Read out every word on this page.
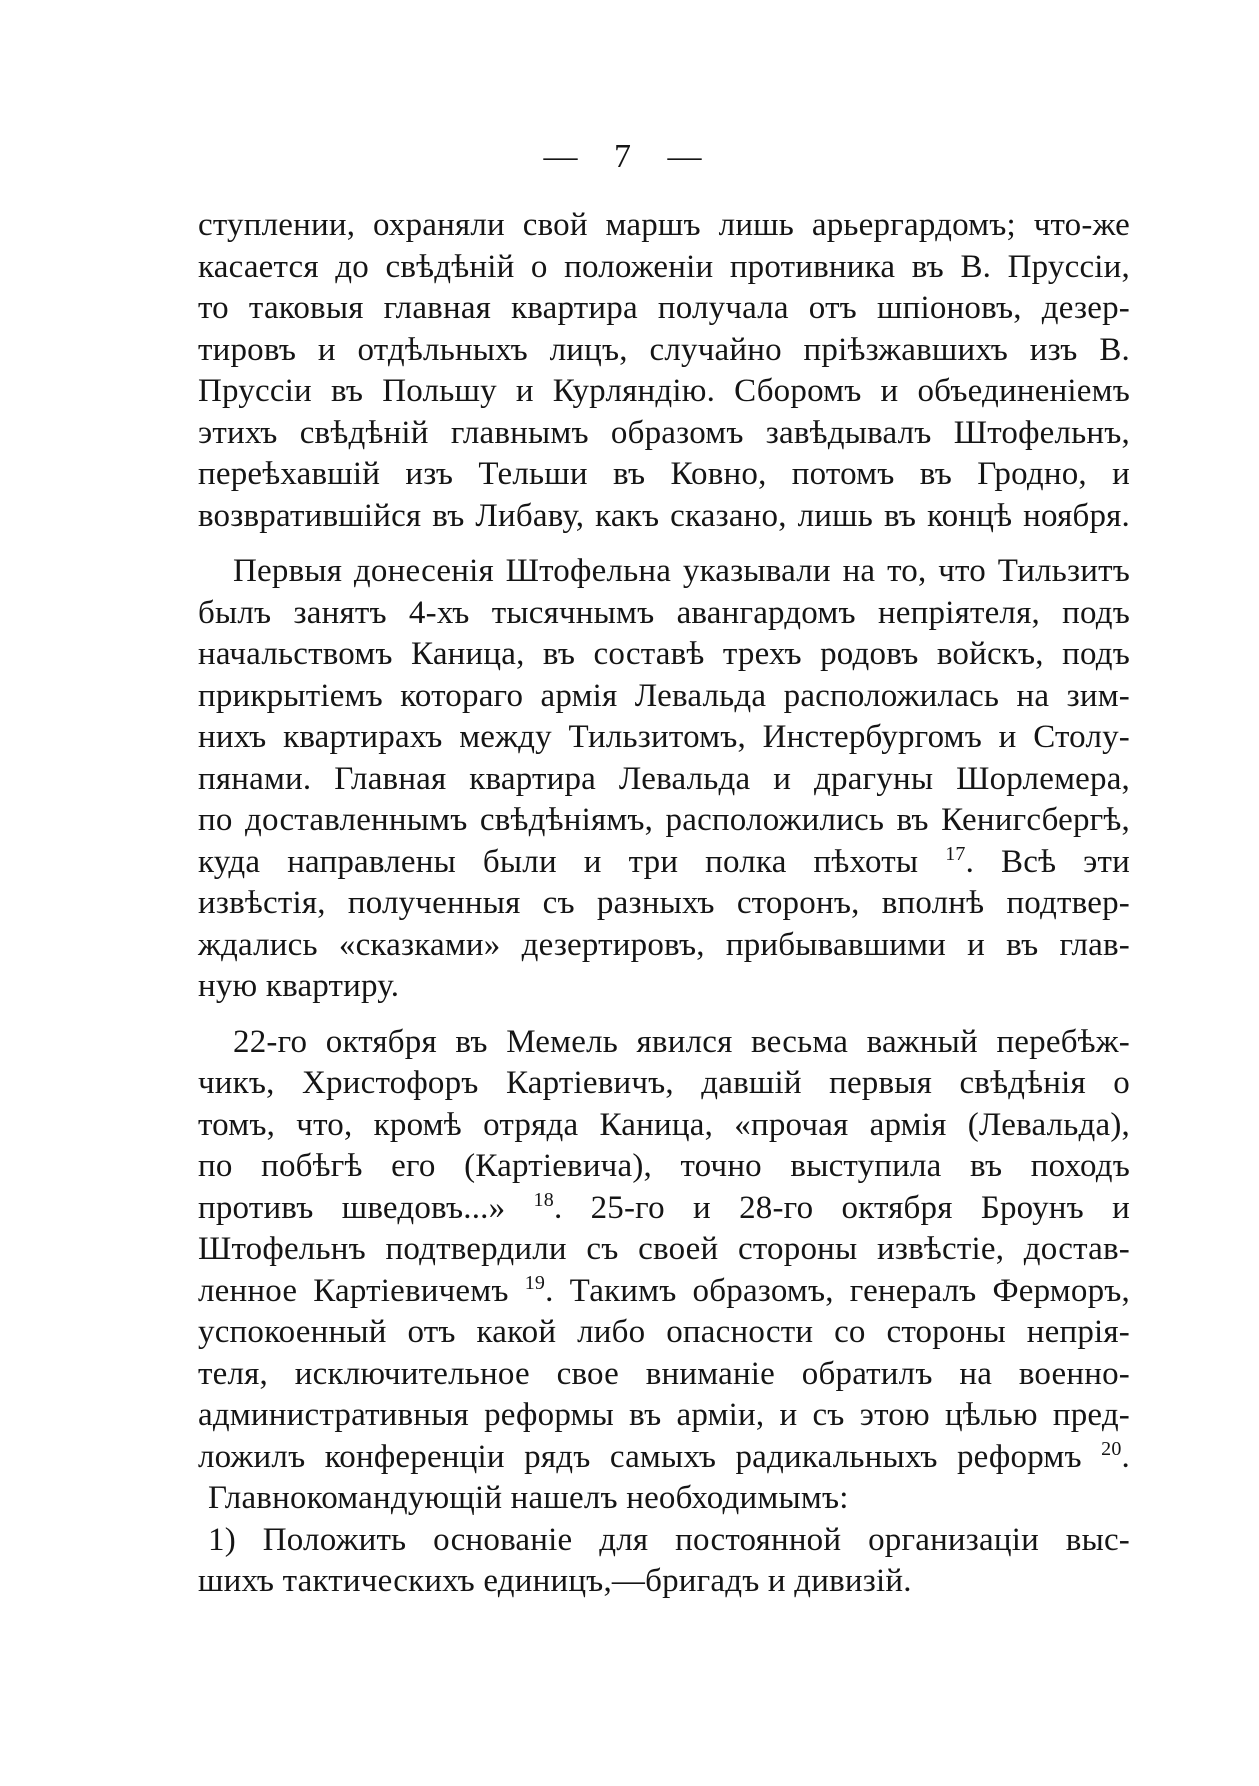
— 7 —
ступлении, охраняли свой маршъ лишь арьергардомъ; что-же
касается до свѣдѣній о положеніи противника въ В. Пруссіи,
то таковыя главная квартира получала отъ шпіоновъ, дезер-
тировъ и отдѣльныхъ лицъ, случайно пріѣзжавшихъ изъ В.
Пруссіи въ Польшу и Курляндію. Сборомъ и объединеніемъ
этихъ свѣдѣній главнымъ образомъ завѣдывалъ Штофельнъ,
переѣхавшій изъ Тельши въ Ковно, потомъ въ Гродно, и
возвратившійся въ Либаву, какъ сказано, лишь въ концѣ ноября.
Первыя донесенія Штофельна указывали на то, что Тильзитъ
былъ занятъ 4-хъ тысячнымъ авангардомъ непріятеля, подъ
начальствомъ Каница, въ составѣ трехъ родовъ войскъ, подъ
прикрытіемъ котораго армія Левальда расположилась на зим-
нихъ квартирахъ между Тильзитомъ, Инстербургомъ и Столу-
пянами. Главная квартира Левальда и драгуны Шорлемера,
по доставленнымъ свѣдѣніямъ, расположились въ Кенигсбергѣ,
куда направлены были и три полка пѣхоты $^{17}$. Всѣ эти
извѣстія, полученныя съ разныхъ сторонъ, вполнѣ подтвер-
ждались «сказками» дезертировъ, прибывавшими и въ глав-
ную квартиру.
22-го октября въ Мемель явился весьма важный перебѣж-
чикъ, Христофоръ Картіевичъ, давшій первыя свѣдѣнія о
томъ, что, кромѣ отряда Каница, «прочая армія (Левальда),
по побѣгѣ его (Картіевича), точно выступила въ походъ
противъ шведовъ...» $^{18}$. 25-го и 28-го октября Броунъ и
Штофельнъ подтвердили съ своей стороны извѣстіе, достав-
ленное Картіевичемъ $^{19}$. Такимъ образомъ, генералъ Ферморъ,
успокоенный отъ какой либо опасности со стороны непрія-
теля, исключительное свое вниманіе обратилъ на военно-
административныя реформы въ арміи, и съ этою цѣлью пред-
ложилъ конференціи рядъ самыхъ радикальныхъ реформъ $^{20}$.
Главнокомандующій нашелъ необходимымъ:
1) Положить основаніе для постоянной организаціи выс-
шихъ тактическихъ единицъ,—бригадъ и дивизій.
